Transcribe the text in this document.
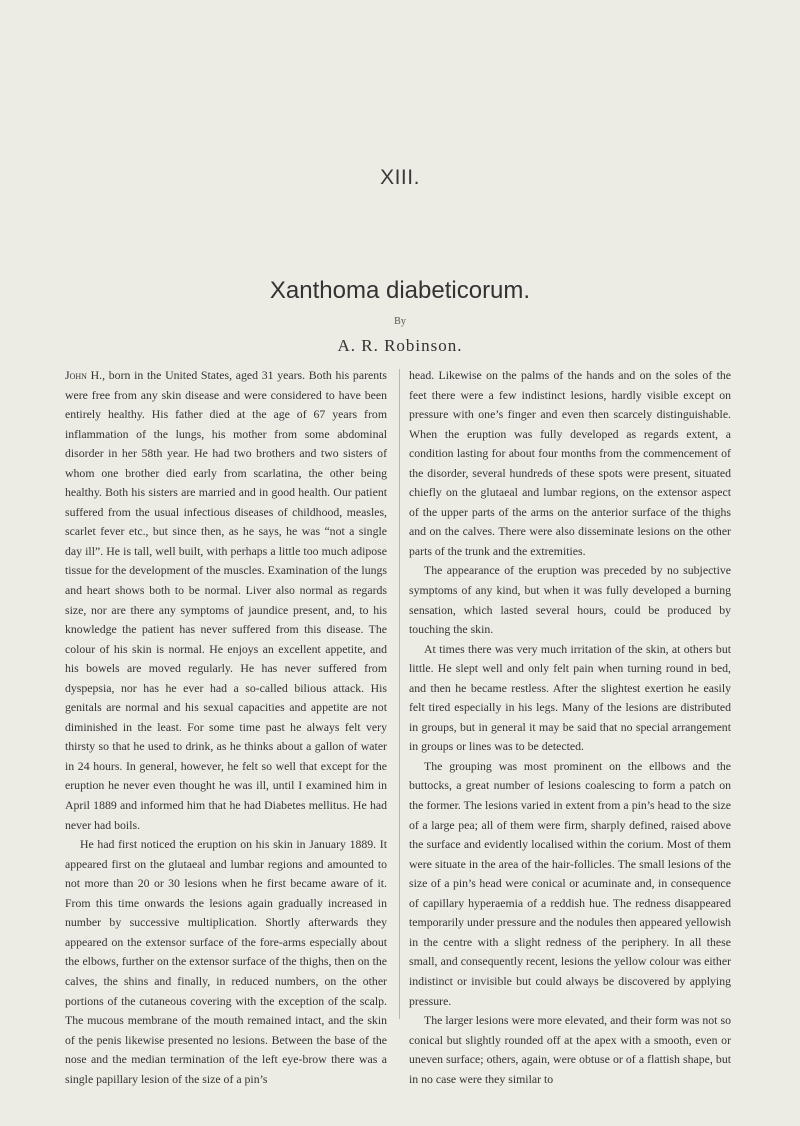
XIII.
Xanthoma diabeticorum.
By
A. R. Robinson.

John H., born in the United States, aged 31 years. Both his parents were free from any skin disease and were considered to have been entirely healthy. His father died at the age of 67 years from inflammation of the lungs, his mother from some abdominal disorder in her 58th year. He had two brothers and two sisters of whom one brother died early from scarlatina, the other being healthy. Both his sisters are married and in good health. Our patient suffered from the usual infectious diseases of childhood, measles, scarlet fever etc., but since then, as he says, he was “not a single day ill”. He is tall, well built, with perhaps a little too much adipose tissue for the development of the muscles. Examination of the lungs and heart shows both to be normal. Liver also normal as regards size, nor are there any symptoms of jaundice present, and, to his knowledge the patient has never suffered from this disease. The colour of his skin is normal. He enjoys an excellent appetite, and his bowels are moved regularly. He has never suffered from dyspepsia, nor has he ever had a so-called bilious attack. His genitals are normal and his sexual capacities and appetite are not diminished in the least. For some time past he always felt very thirsty so that he used to drink, as he thinks about a gallon of water in 24 hours. In general, however, he felt so well that except for the eruption he never even thought he was ill, until I examined him in April 1889 and informed him that he had Diabetes mellitus. He had never had boils.

He had first noticed the eruption on his skin in January 1889. It appeared first on the glutaeal and lumbar regions and amounted to not more than 20 or 30 lesions when he first became aware of it. From this time onwards the lesions again gradually increased in number by successive multiplication. Shortly afterwards they appeared on the extensor surface of the fore-arms especially about the elbows, further on the extensor surface of the thighs, then on the calves, the shins and finally, in reduced numbers, on the other portions of the cutaneous covering with the exception of the scalp. The mucous membrane of the mouth remained intact, and the skin of the penis likewise presented no lesions. Between the base of the nose and the median termination of the left eye-brow there was a single papillary lesion of the size of a pin’s

head. Likewise on the palms of the hands and on the soles of the feet there were a few indistinct lesions, hardly visible except on pressure with one’s finger and even then scarcely distinguishable. When the eruption was fully developed as regards extent, a condition lasting for about four months from the commencement of the disorder, several hundreds of these spots were present, situated chiefly on the glutaeal and lumbar regions, on the extensor aspect of the upper parts of the arms on the anterior surface of the thighs and on the calves. There were also disseminate lesions on the other parts of the trunk and the extremities.

The appearance of the eruption was preceded by no subjective symptoms of any kind, but when it was fully developed a burning sensation, which lasted several hours, could be produced by touching the skin.

At times there was very much irritation of the skin, at others but little. He slept well and only felt pain when turning round in bed, and then he became restless. After the slightest exertion he easily felt tired especially in his legs. Many of the lesions are distributed in groups, but in general it may be said that no special arrangement in groups or lines was to be detected.

The grouping was most prominent on the ellbows and the buttocks, a great number of lesions coalescing to form a patch on the former. The lesions varied in extent from a pin’s head to the size of a large pea; all of them were firm, sharply defined, raised above the surface and evidently localised within the corium. Most of them were situate in the area of the hair-follicles. The small lesions of the size of a pin’s head were conical or acuminate and, in consequence of capillary hyperaemia of a reddish hue. The redness disappeared temporarily under pressure and the nodules then appeared yellowish in the centre with a slight redness of the periphery. In all these small, and consequently recent, lesions the yellow colour was either indistinct or invisible but could always be discovered by applying pressure.

The larger lesions were more elevated, and their form was not so conical but slightly rounded off at the apex with a smooth, even or uneven surface; others, again, were obtuse or of a flattish shape, but in no case were they similar to
